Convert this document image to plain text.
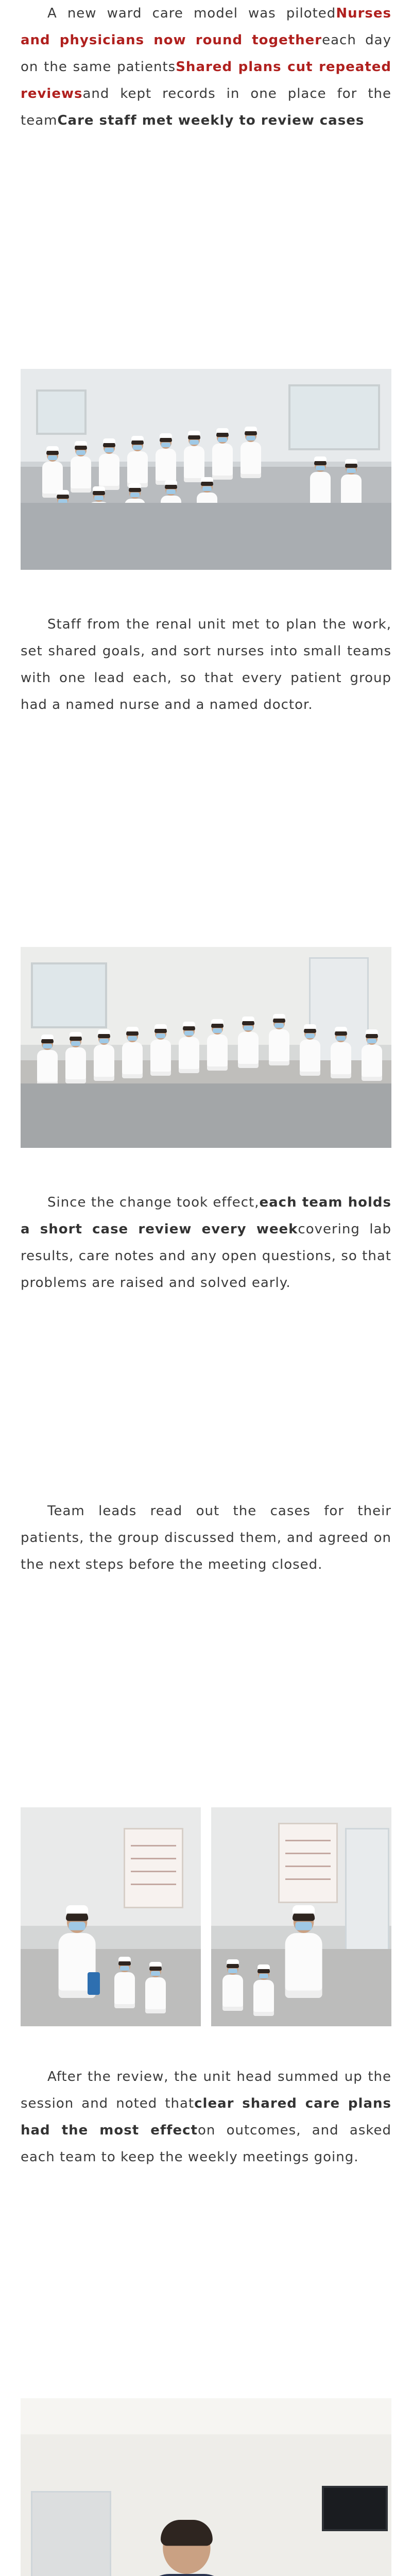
A new ward care model was pilotedNurses and physicians now round togethereach day on the same patientsShared plans cut repeated reviewsand kept records in one place for the teamCare staff met weekly to review cases

Staff from the renal unit met to plan the work, set shared goals, and sort nurses into small teams with one lead each, so that every patient group had a named nurse and a named doctor.

Since the change took effect,each team holds a short case review every weekcovering lab results, care notes and any open questions, so that problems are raised and solved early.

Team leads read out the cases for their patients, the group discussed them, and agreed on the next steps before the meeting closed.

After the review, the unit head summed up the session and noted thatclear shared care plans had the most effecton outcomes, and asked each team to keep the weekly meetings going.
